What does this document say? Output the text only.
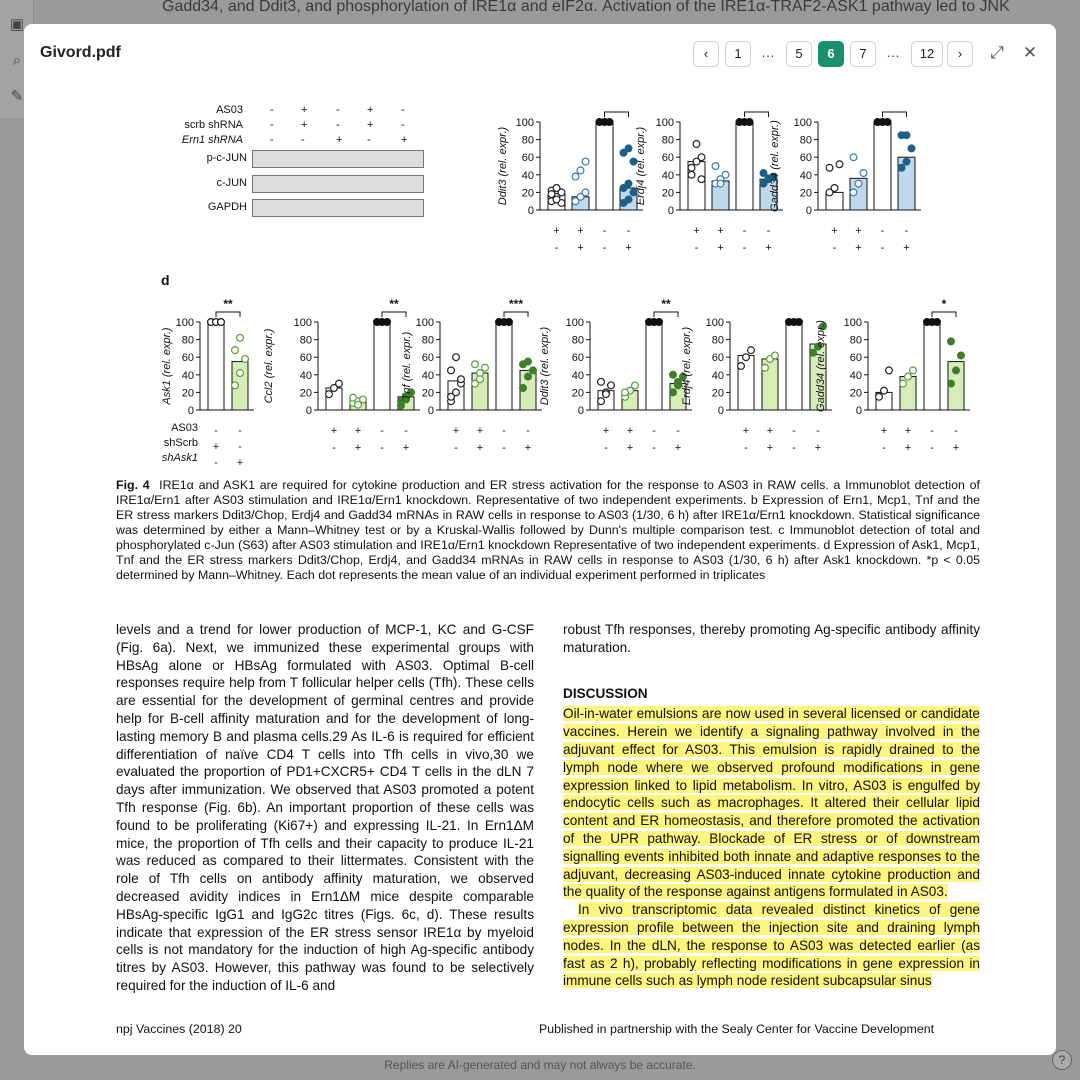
Gadd34, and Ddit3, and phosphorylation of IRE1α and eIF2α. Activation of the IRE1α-TRAF2-ASK1 pathway led to JNK
▣
⌕
✎
Replies are AI-generated and may not always be accurate.	?
Givord.pdf	‹	1	…	5	6	7	…	12	›	⤢ ✕
AS03 - +	- +	-
scrb shRNA - +	- +	-
Ern1 shRNA - -	+ -	+
p-c-JUN
c-JUN
GAPDH	0
20
40
60
80
100
Ddit3 (rel. expr.)
+ + - -
- + - +
0
20
40
60
80
100
Erdj4 (rel. expr.)
+ + - -
- + - +
0
20
40
60
80
100
Gadd34 (rel. expr.)
+ + - -
- + - +
0
20
40
60
80
100
Ask1 (rel. expr.)
**
- -
+ -
- +
0
20
40
60
80
100
Ccl2 (rel. expr.)
**
+ + - -
- + - +
0
20
40
60
80
100
Tnf (rel. expr.)
***
+ + - -
- + - +
0
20
40
60
80
100
Ddit3 (rel. expr.)
**
+ + - -
- + - +
0
20
40
60
80
100
Erdj4 (rel. expr.)
+ + - -
- + - +
0
20
40
60
80
100
Gadd34 (rel. expr.)
*
+ + - -
- + - +
d
AS03
shScrb
shAsk1
Fig. 4 IRE1α and ASK1 are required for cytokine production and ER stress activation for the response to AS03 in RAW cells. a Immunoblot detection of IRE1α/Ern1 after AS03 stimulation and IRE1α/Ern1 knockdown. Representative of two independent experiments. b Expression of Ern1, Mcp1, Tnf and the ER stress markers Ddit3/Chop, Erdj4 and Gadd34 mRNAs in RAW cells in response to AS03 (1/30, 6 h) after IRE1α/Ern1 knockdown. Statistical significance was determined by either a Mann–Whitney test or by a Kruskal-Wallis followed by Dunn's multiple comparison test. c Immunoblot detection of total and phosphorylated c-Jun (S63) after AS03 stimulation and IRE1α/Ern1 knockdown Representative of two independent experiments. d Expression of Ask1, Mcp1, Tnf and the ER stress markers Ddit3/Chop, Erdj4, and Gadd34 mRNAs in RAW cells in response to AS03 (1/30, 6 h) after Ask1 knockdown. *p < 0.05 determined by Mann–Whitney. Each dot represents the mean value of an individual experiment performed in triplicates

levels and a trend for lower production of MCP-1, KC and G-CSF (Fig. 6a). Next, we immunized these experimental groups with HBsAg alone or HBsAg formulated with AS03. Optimal B-cell responses require help from T follicular helper cells (Tfh). These cells are essential for the development of germinal centres and provide help for B-cell affinity maturation and for the development of long-lasting memory B and plasma cells.29 As IL-6 is required for efficient differentiation of naïve CD4 T cells into Tfh cells in vivo,30 we evaluated the proportion of PD1+CXCR5+ CD4 T cells in the dLN 7 days after immunization. We observed that AS03 promoted a potent Tfh response (Fig. 6b). An important proportion of these cells was found to be proliferating (Ki67+) and expressing IL-21. In Ern1ΔM mice, the proportion of Tfh cells and their capacity to produce IL-21 was reduced as compared to their littermates. Consistent with the role of Tfh cells on antibody affinity maturation, we observed decreased avidity indices in Ern1ΔM mice despite comparable HBsAg-specific IgG1 and IgG2c titres (Figs. 6c, d). These results indicate that expression of the ER stress sensor IRE1α by myeloid cells is not mandatory for the induction of high Ag-specific antibody titres by AS03. However, this pathway was found to be selectively required for the induction of IL-6 and

robust Tfh responses, thereby promoting Ag-specific antibody affinity maturation.

DISCUSSION

Oil-in-water emulsions are now used in several licensed or candidate vaccines. Herein we identify a signaling pathway involved in the adjuvant effect for AS03. This emulsion is rapidly drained to the lymph node where we observed profound modifications in gene expression linked to lipid metabolism. In vitro, AS03 is engulfed by endocytic cells such as macrophages. It altered their cellular lipid content and ER homeostasis, and therefore promoted the activation of the UPR pathway. Blockade of ER stress or of downstream signalling events inhibited both innate and adaptive responses to the adjuvant, decreasing AS03-induced innate cytokine production and the quality of the response against antigens formulated in AS03.

In vivo transcriptomic data revealed distinct kinetics of gene expression profile between the injection site and draining lymph nodes. In the dLN, the response to AS03 was detected earlier (as fast as 2 h), probably reflecting modifications in gene expression in immune cells such as lymph node resident subcapsular sinus

npj Vaccines (2018) 20	Published in partnership with the Sealy Center for Vaccine Development
